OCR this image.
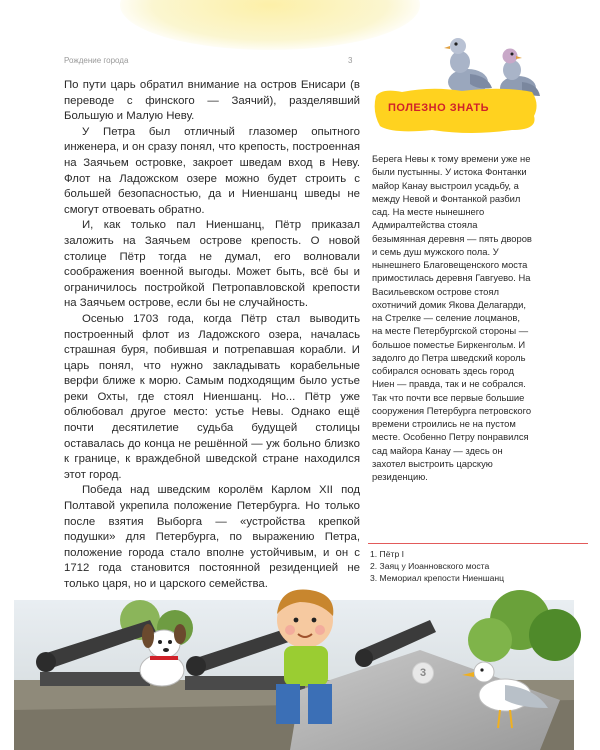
Рождение города	3

По пути царь обратил внимание на остров Енисари (в переводе с финского — Заячий), разделявший Большую и Малую Неву.

У Петра был отличный глазомер опытного инженера, и он сразу понял, что крепость, построенная на Заячьем островке, закроет шведам вход в Неву. Флот на Ладожском озере можно будет строить с большей безопасностью, да и Ниеншанц шведы не смогут отвоевать обратно.

И, как только пал Ниеншанц, Пётр приказал заложить на Заячьем острове крепость. О новой столице Пётр тогда не думал, его волновали соображения военной выгоды. Может быть, всё бы и ограничилось постройкой Петропавловской крепости на Заячьем острове, если бы не случайность.

Осенью 1703 года, когда Пётр стал выводить построенный флот из Ладожского озера, началась страшная буря, побившая и потрепавшая корабли. И царь понял, что нужно закладывать корабельные верфи ближе к морю. Самым подходящим было устье реки Охты, где стоял Ниеншанц. Но... Пётр уже облюбовал другое место: устье Невы. Однако ещё почти десятилетие судьба будущей столицы оставалась до конца не решённой — уж больно близко к границе, к враждебной шведской стране находился этот город.

Победа над шведским королём Карлом XII под Полтавой укрепила положение Петербурга. Но только после взятия Выборга — «устройства крепкой подушки» для Петербурга, по выражению Петра, положение города стало вполне устойчивым, и он с 1712 года становится постоянной резиденцией не только царя, но и царского семейства.

ПОЛЕЗНО ЗНАТЬ
Берега Невы к тому времени уже не были пустынны. У истока Фонтанки майор Канау выстроил усадьбу, а между Невой и Фонтанкой разбил сад. На месте нынешнего Адмиралтейства стояла безымянная деревня — пять дворов и семь душ мужского пола. У нынешнего Благовещенского моста примостилась деревня Гавгуево. На Васильевском острове стоял охотничий домик Якова Делагарди, на Стрелке — селение лоцманов, на месте Петербургской стороны — большое поместье Биркенгольм. И задолго до Петра шведский король собирался основать здесь город Ниен — правда, так и не собрался. Так что почти все первые большие сооружения Петербурга петровского времени строились не на пустом месте. Особенно Петру понравился сад майора Канау — здесь он захотел выстроить царскую резиденцию.
1. Пётр I
2. Заяц у Иоанновского моста
3. Мемориал крепости Ниеншанц
3
